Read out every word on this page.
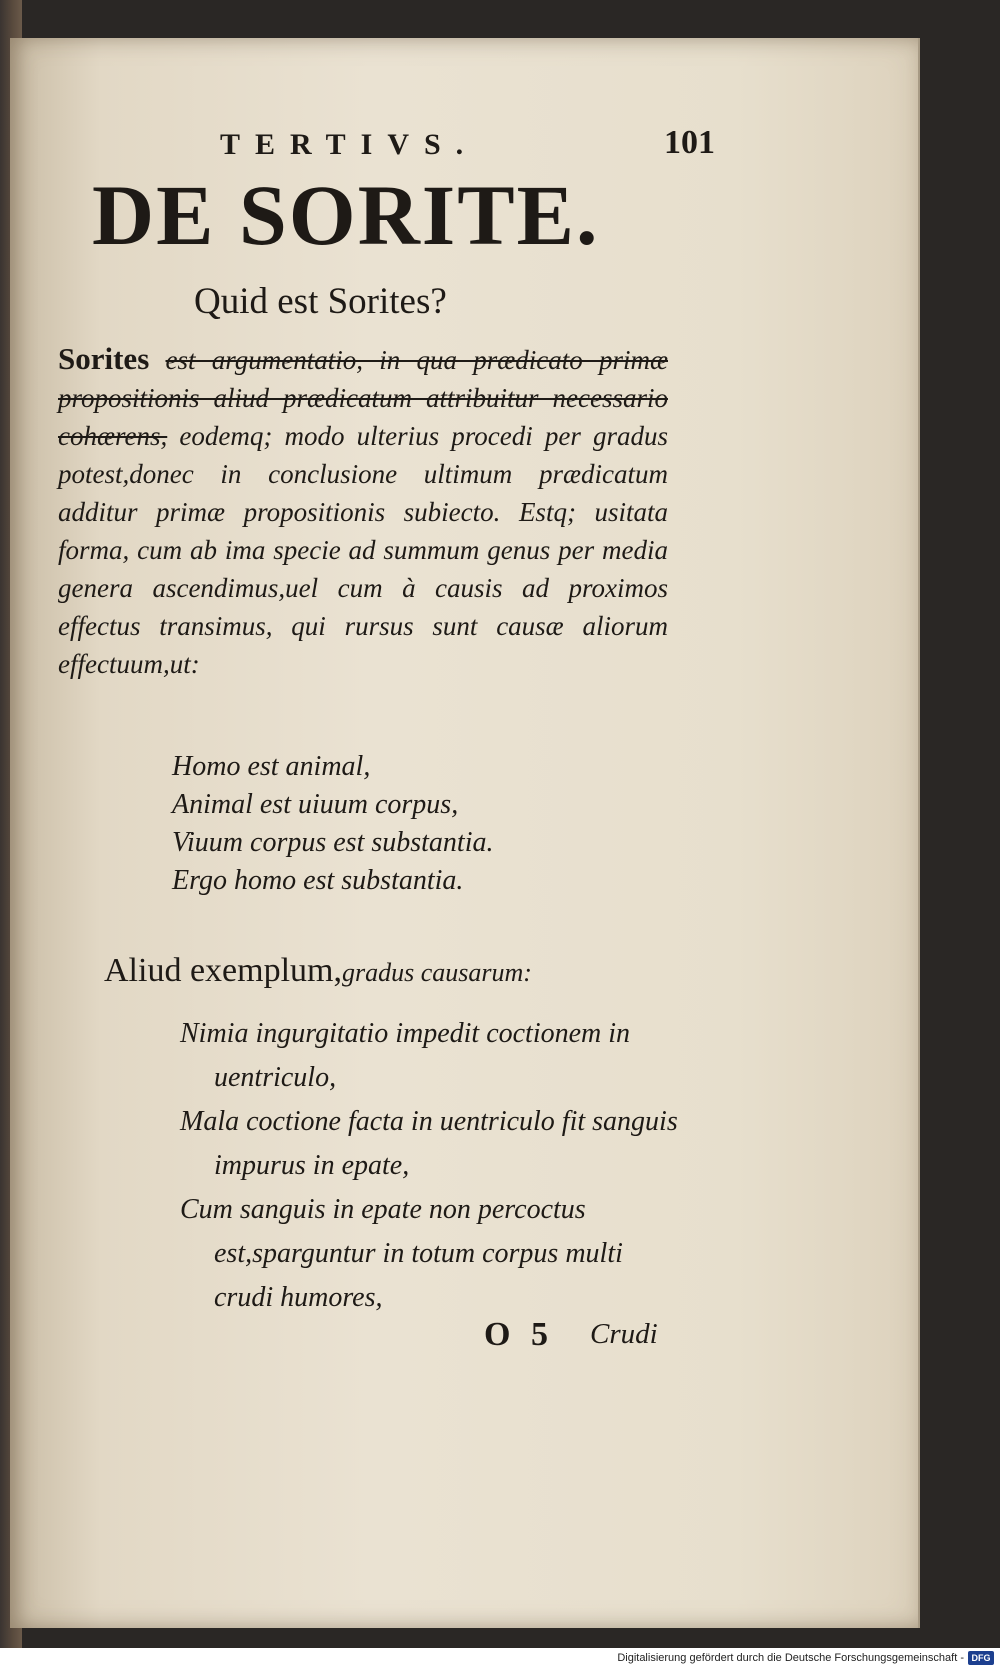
TERTIVS.	101
DE SORITE.
Quid est Sorites?
Sorites est argumentatio, in qua prædicato primæ propositionis aliud prædicatum attribuitur necessario cohærens, eodemq; modo ulterius procedi per gradus potest,donec in conclusione ultimum prædicatum additur primæ propositionis subiecto. Estq; usitata forma, cum ab ima specie ad summum genus per media genera ascendimus,uel cum à causis ad proximos effectus transimus, qui rursus sunt causæ aliorum effectuum,ut:
Homo est animal,
Animal est uiuum corpus,
Viuum corpus est substantia.
Ergo homo est substantia.
Aliud exemplum,gradus causarum:
Nimia ingurgitatio impedit coctionem in uentriculo,
Mala coctione facta in uentriculo fit sanguis impurus in epate,
Cum sanguis in epate non percoctus est,sparguntur in totum corpus multi crudi humores,
O 5 Crudi
Digitalisierung gefördert durch die Deutsche Forschungsgemeinschaft - DFG
